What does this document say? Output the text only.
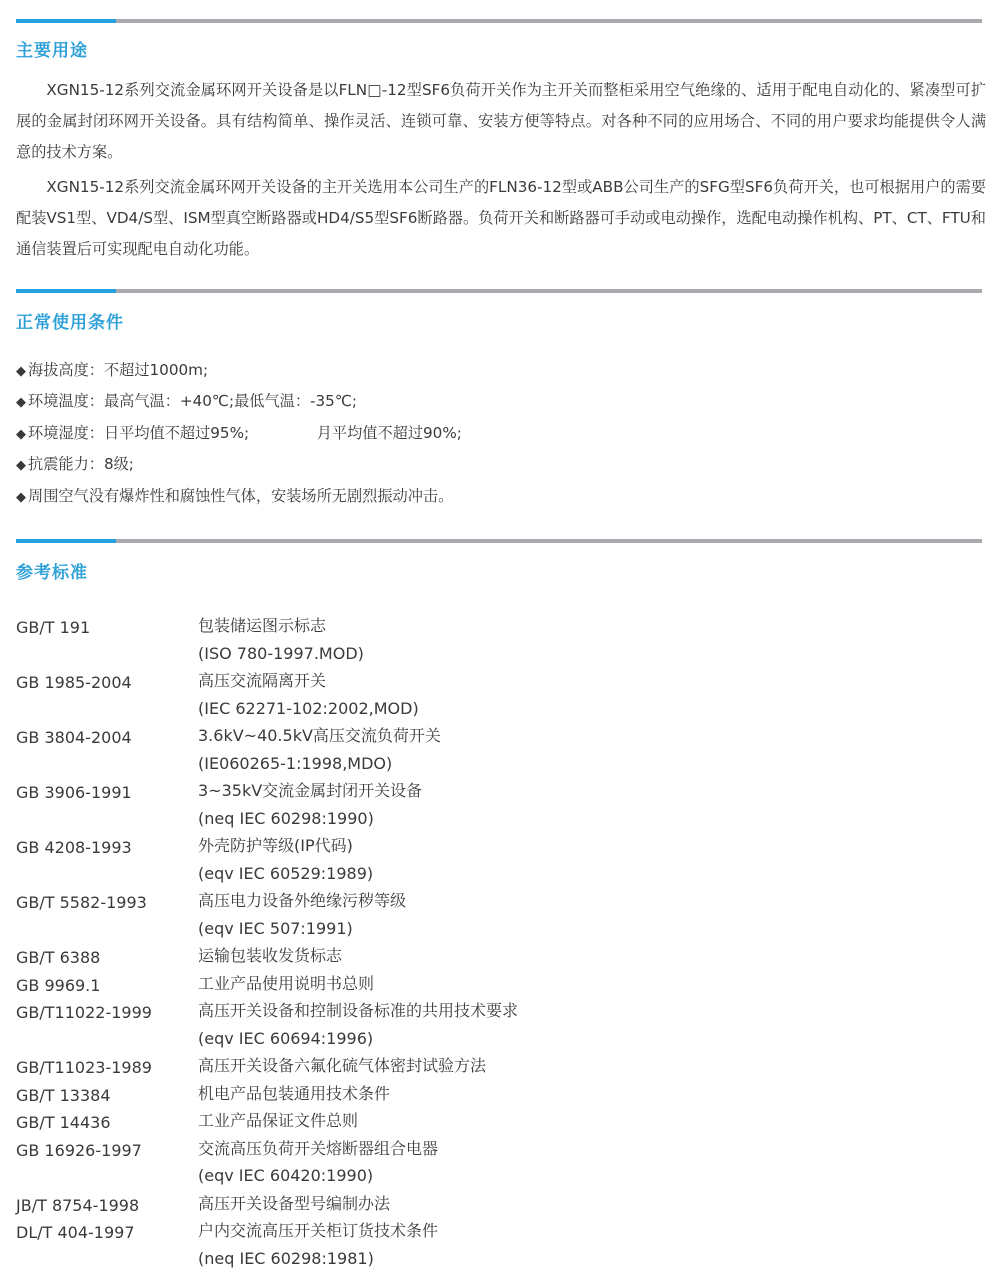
主要用途

XGN15-12系列交流金属环网开关设备是以FLN□-12型SF6负荷开关作为主开关而整柜采用空气绝缘的、适用于配电自动化的、紧凑型可扩展的金属封闭环网开关设备。具有结构简单、操作灵活、连锁可靠、安装方便等特点。对各种不同的应用场合、不同的用户要求均能提供令人满意的技术方案。

XGN15-12系列交流金属环网开关设备的主开关选用本公司生产的FLN36-12型或ABB公司生产的SFG型SF6负荷开关，也可根据用户的需要配装VS1型、VD4/S型、ISM型真空断路器或HD4/S5型SF6断路器。负荷开关和断路器可手动或电动操作，选配电动操作机构、PT、CT、FTU和通信装置后可实现配电自动化功能。

正常使用条件
◆ 海拔高度：不超过1000m;
◆ 环境温度：最高气温：+40℃;最低气温：-35℃;
◆ 环境湿度：日平均值不超过95%;              月平均值不超过90%;
◆ 抗震能力：8级;
◆ 周围空气没有爆炸性和腐蚀性气体，安装场所无剧烈振动冲击。
参考标准
GB/T 191
GB 1985-2004
GB 3804-2004
GB 3906-1991
GB 4208-1993
GB/T 5582-1993
GB/T 6388
GB 9969.1
GB/T11022-1999
GB/T11023-1989
GB/T 13384
GB/T 14436
GB 16926-1997
JB/T 8754-1998
DL/T 404-1997
包装储运图示标志
(ISO 780-1997.MOD)
高压交流隔离开关
(IEC 62271-102:2002,MOD)
3.6kV~40.5kV高压交流负荷开关
(IE060265-1:1998,MDO)
3~35kV交流金属封闭开关设备
(neq IEC 60298:1990)
外壳防护等级(IP代码)
(eqv IEC 60529:1989)
高压电力设备外绝缘污秽等级
(eqv IEC 507:1991)
运输包装收发货标志
工业产品使用说明书总则
高压开关设备和控制设备标准的共用技术要求
(eqv IEC 60694:1996)
高压开关设备六氟化硫气体密封试验方法
机电产品包装通用技术条件
工业产品保证文件总则
交流高压负荷开关熔断器组合电器
(eqv IEC 60420:1990)
高压开关设备型号编制办法
户内交流高压开关柜订货技术条件
(neq IEC 60298:1981)
